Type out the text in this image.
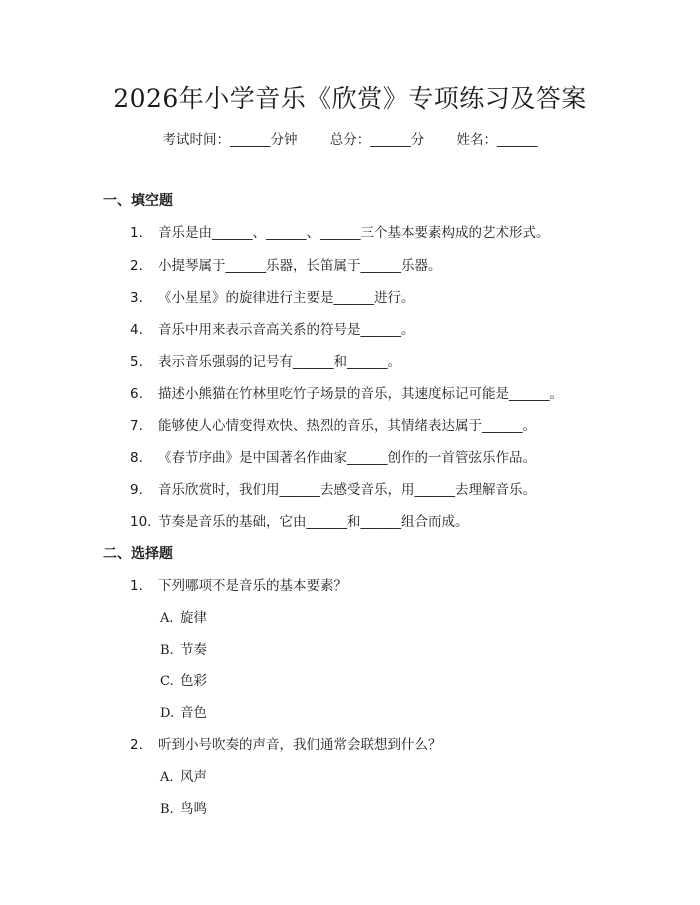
2026年小学音乐《欣赏》专项练习及答案
考试时间：______分钟 总分：______分 姓名：______
一、填空题
1. 音乐是由______、______、______三个基本要素构成的艺术形式。
2. 小提琴属于______乐器，长笛属于______乐器。
3. 《小星星》的旋律进行主要是______进行。
4. 音乐中用来表示音高关系的符号是______。
5. 表示音乐强弱的记号有______和______。
6. 描述小熊猫在竹林里吃竹子场景的音乐，其速度标记可能是______。
7. 能够使人心情变得欢快、热烈的音乐，其情绪表达属于______。
8. 《春节序曲》是中国著名作曲家______创作的一首管弦乐作品。
9. 音乐欣赏时，我们用______去感受音乐，用______去理解音乐。
10. 节奏是音乐的基础，它由______和______组合而成。
二、选择题
1. 下列哪项不是音乐的基本要素？
A. 旋律
B. 节奏
C. 色彩
D. 音色
2. 听到小号吹奏的声音，我们通常会联想到什么？
A. 风声
B. 鸟鸣
